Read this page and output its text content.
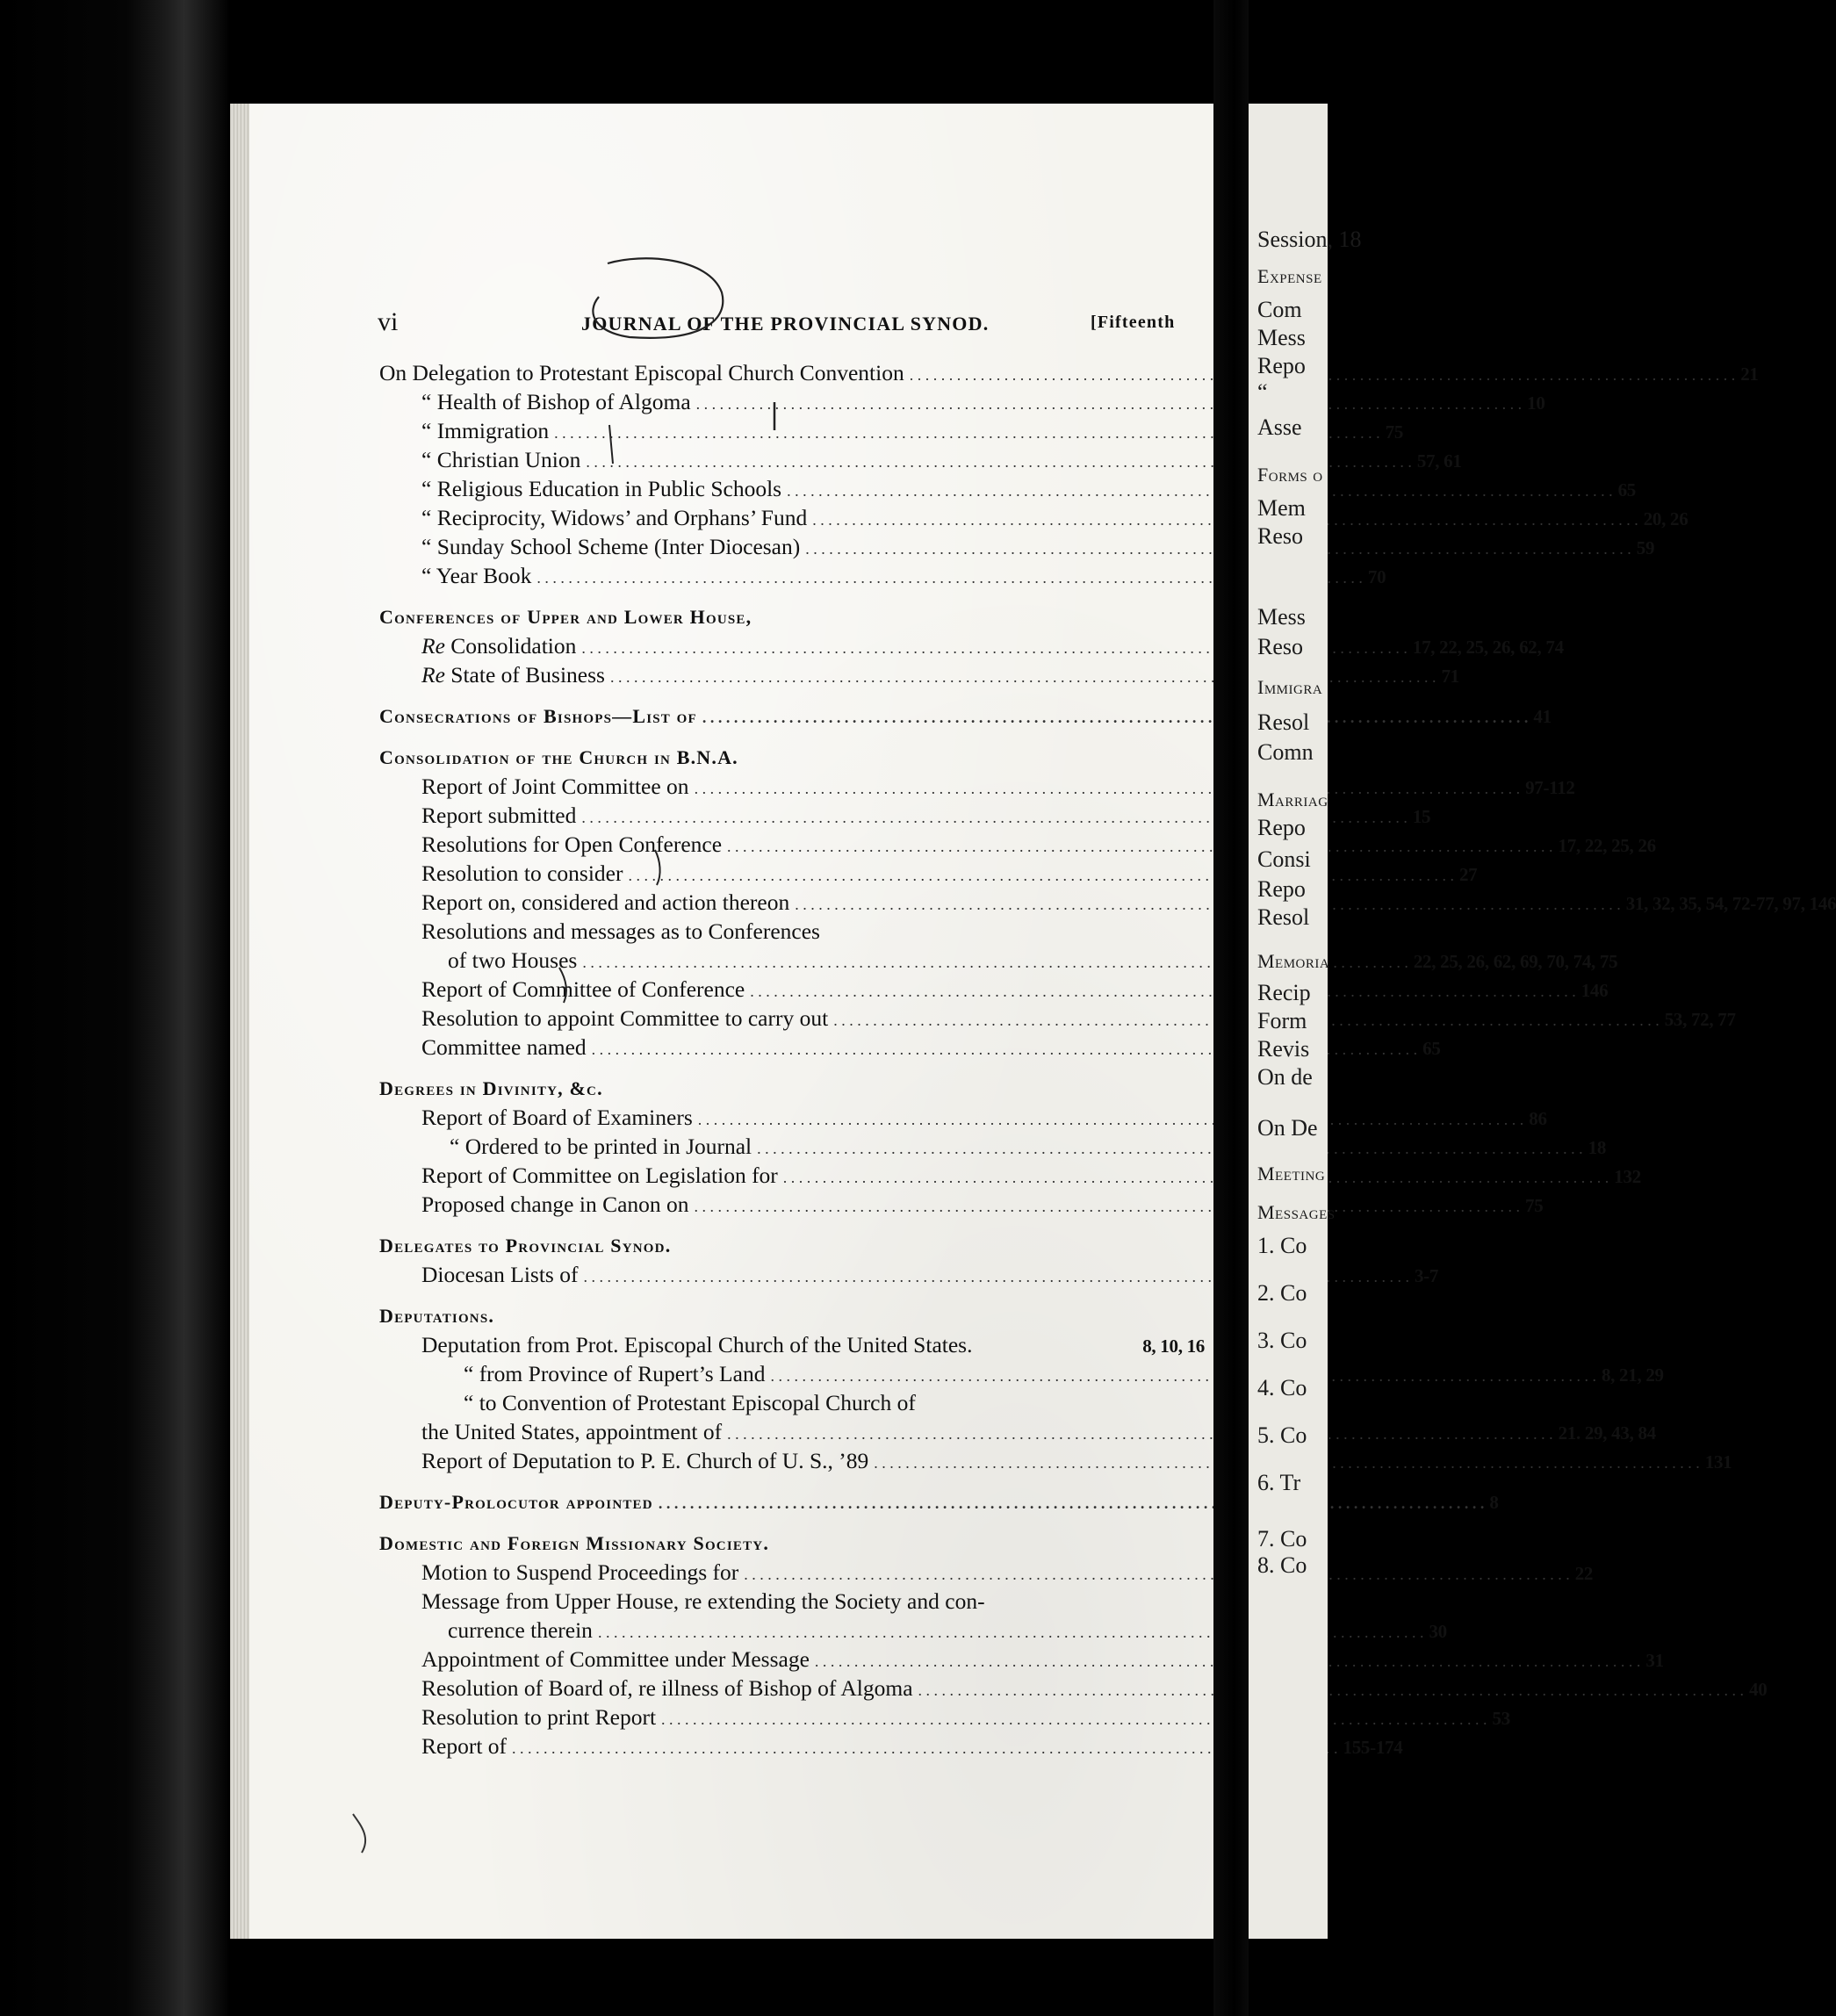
vi	JOURNAL OF THE PROVINCIAL SYNOD.	[Fifteenth
On Delegation to Protestant Episcopal Church Convention . . .	21
“ Health of Bishop of Algoma . . .	10
“ Immigration . . .	75
“ Christian Union . . .	57, 61
“ Religious Education in Public Schools . . .	65
“ Reciprocity, Widows’ and Orphans’ Fund . . .	20, 26
“ Sunday School Scheme (Inter Diocesan) . . .	59
“ Year Book . . .	70
Conferences of Upper and Lower House,
Re Consolidation . . .	17, 22, 25, 26, 62, 74
Re State of Business . . .	71
Consecrations of Bishops—List of . . .	41
Consolidation of the Church in B.N.A.
Report of Joint Committee on . . .	97-112
Report submitted . . .	15
Resolutions for Open Conference . . .	17, 22, 25, 26
Resolution to consider . . .	27
Report on, considered and action thereon . . .	31, 32, 35, 54, 72-77, 97, 146
Resolutions and messages as to Conferences
of two Houses . . .	22, 25, 26, 62, 69, 70, 74, 75
Report of Committee of Conference . . .	146
Resolution to appoint Committee to carry out . . .	53, 72, 77
Committee named . . .	65
Degrees in Divinity, &c.
Report of Board of Examiners . . .	86
“ Ordered to be printed in Journal . . .	18
Report of Committee on Legislation for . . .	132
Proposed change in Canon on . . .	75
Delegates to Provincial Synod.
Diocesan Lists of . . .	3-7
Deputations.
Deputation from Prot. Episcopal Church of the United States.	8, 10, 16
“ from Province of Rupert’s Land . . .	8, 21, 29
“ to Convention of Protestant Episcopal Church of
the United States, appointment of . . .	21. 29, 43, 84
Report of Deputation to P. E. Church of U. S., ’89 . . .	131
Deputy-Prolocutor appointed . . .	8
Domestic and Foreign Missionary Society.
Motion to Suspend Proceedings for . . .	22
Message from Upper House, re extending the Society and con-
currence therein . . .	30
Appointment of Committee under Message . . .	31
Resolution of Board of, re illness of Bishop of Algoma . . .	40
Resolution to print Report . . .	53
Report of . . .	155-174
Session, 18
Expense
Com
Mess
Repo
“
Asse
Forms o
Mem
Reso
Mess
Reso
Immigra
Resol
Comn
Marriag
Repo
Consi
Repo
Resol
Memoria
Recip
Form
Revis
On de
On De
Meeting
Messages
1. Co
2. Co
3. Co
4. Co
5. Co
6. Tr
7. Co
8. Co
